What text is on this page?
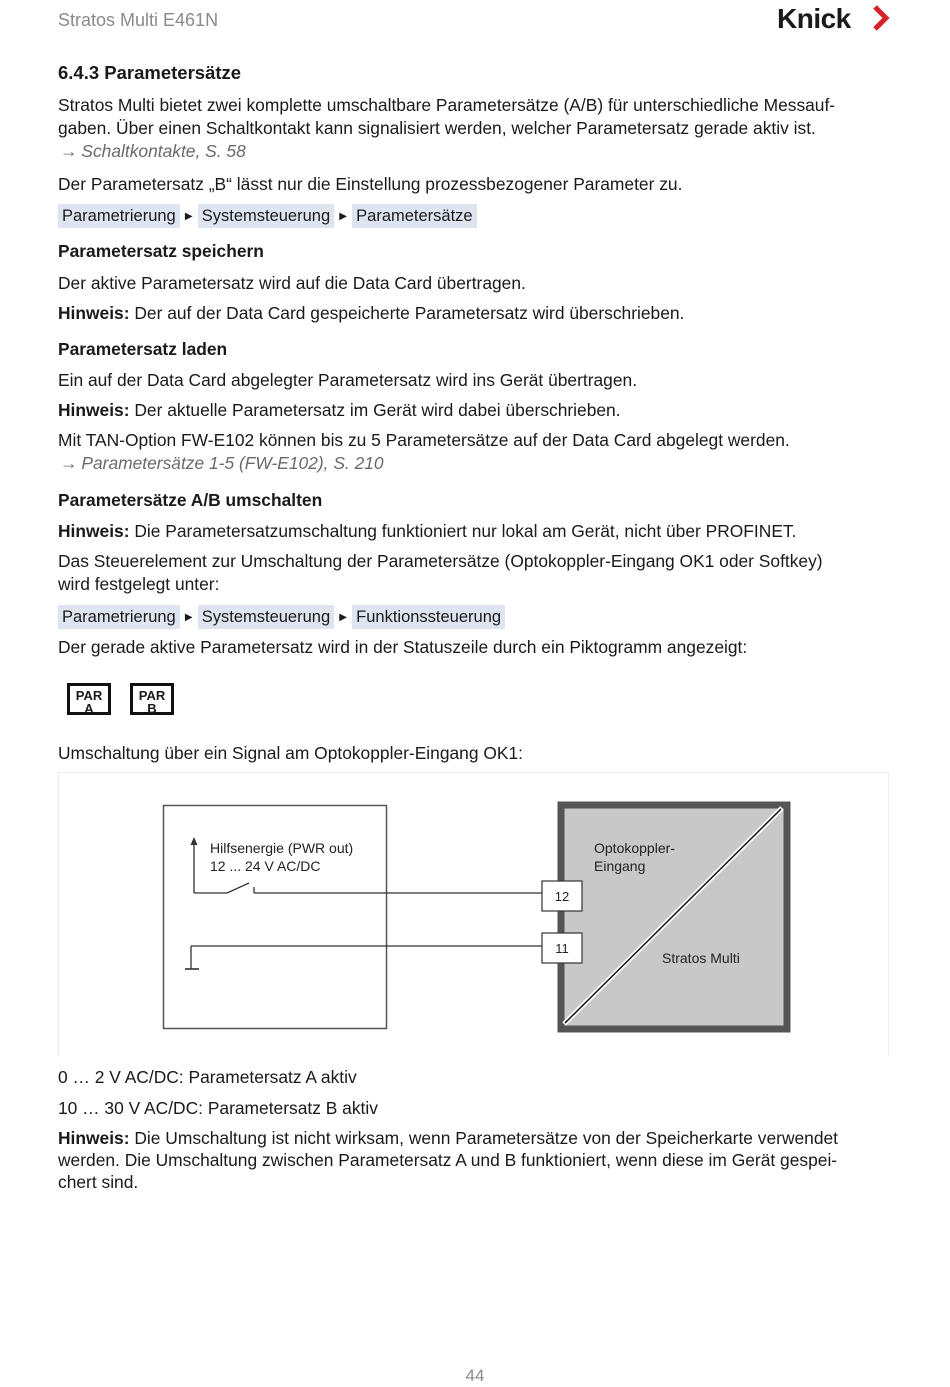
Stratos Multi E461N	Knick
6.4.3 Parametersätze
Stratos Multi bietet zwei komplette umschaltbare Parametersätze (A/B) für unterschiedliche Messauf-
gaben. Über einen Schaltkontakt kann signalisiert werden, welcher Parametersatz gerade aktiv ist.
→ Schaltkontakte, S. 58
Der Parametersatz „B“ lässt nur die Einstellung prozessbezogener Parameter zu.
Parametrierung ▶ Systemsteuerung ▶ Parametersätze
Parametersatz speichern
Der aktive Parametersatz wird auf die Data Card übertragen.
Hinweis: Der auf der Data Card gespeicherte Parametersatz wird überschrieben.
Parametersatz laden
Ein auf der Data Card abgelegter Parametersatz wird ins Gerät übertragen.
Hinweis: Der aktuelle Parametersatz im Gerät wird dabei überschrieben.
Mit TAN-Option FW-E102 können bis zu 5 Parametersätze auf der Data Card abgelegt werden.
→ Parametersätze 1-5 (FW-E102), S. 210
Parametersätze A/B umschalten
Hinweis: Die Parametersatzumschaltung funktioniert nur lokal am Gerät, nicht über PROFINET.
Das Steuerelement zur Umschaltung der Parametersätze (Optokoppler-Eingang OK1 oder Softkey)
wird festgelegt unter:
Parametrierung ▶ Systemsteuerung ▶ Funktionssteuerung
Der gerade aktive Parametersatz wird in der Statuszeile durch ein Piktogramm angezeigt:
PAR
A
PAR
B
Umschaltung über ein Signal am Optokoppler-Eingang OK1:
Hilfsenergie (PWR out)
12 ... 24 V AC/DC
Optokoppler-
Eingang
Stratos Multi
12
11
0 … 2 V AC/DC: Parametersatz A aktiv
10 … 30 V AC/DC: Parametersatz B aktiv
Hinweis: Die Umschaltung ist nicht wirksam, wenn Parametersätze von der Speicherkarte verwendet
werden. Die Umschaltung zwischen Parametersatz A und B funktioniert, wenn diese im Gerät gespei-
chert sind.
44
